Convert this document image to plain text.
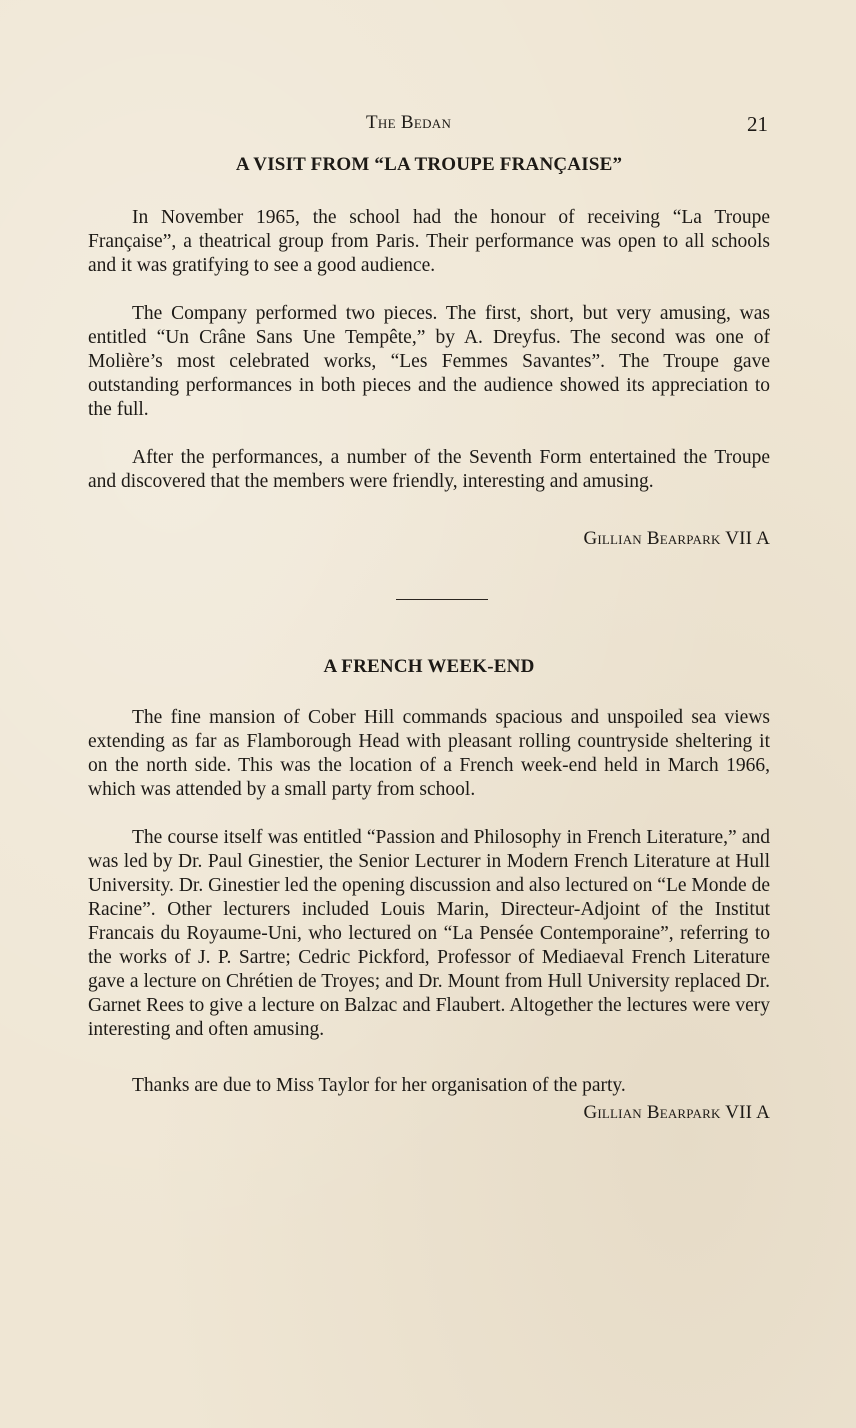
The Bedan	21
A VISIT FROM “LA TROUPE FRANÇAISE”

In November 1965, the school had the honour of receiving “La Troupe Française”, a theatrical group from Paris. Their performance was open to all schools and it was gratifying to see a good audience.

The Company performed two pieces. The first, short, but very amusing, was entitled “Un Crâne Sans Une Tempête,” by A. Dreyfus. The second was one of Molière’s most celebrated works, “Les Femmes Savantes”. The Troupe gave outstanding performances in both pieces and the audience showed its appreciation to the full.

After the performances, a number of the Seventh Form entertained the Troupe and discovered that the members were friendly, interesting and amusing.

Gillian Bearpark VII A
A FRENCH WEEK-END

The fine mansion of Cober Hill commands spacious and unspoiled sea views extending as far as Flamborough Head with pleasant rolling countryside sheltering it on the north side. This was the location of a French week-end held in March 1966, which was attended by a small party from school.

The course itself was entitled “Passion and Philosophy in French Literature,” and was led by Dr. Paul Ginestier, the Senior Lecturer in Modern French Literature at Hull University. Dr. Ginestier led the opening discussion and also lectured on “Le Monde de Racine”. Other lecturers included Louis Marin, Directeur-Adjoint of the Institut Francais du Royaume-Uni, who lectured on “La Pensée Contemporaine”, referring to the works of J. P. Sartre; Cedric Pickford, Professor of Mediaeval French Literature gave a lecture on Chrétien de Troyes; and Dr. Mount from Hull University replaced Dr. Garnet Rees to give a lecture on Balzac and Flaubert. Altogether the lectures were very interesting and often amusing.

Thanks are due to Miss Taylor for her organisation of the party.

Gillian Bearpark VII A
